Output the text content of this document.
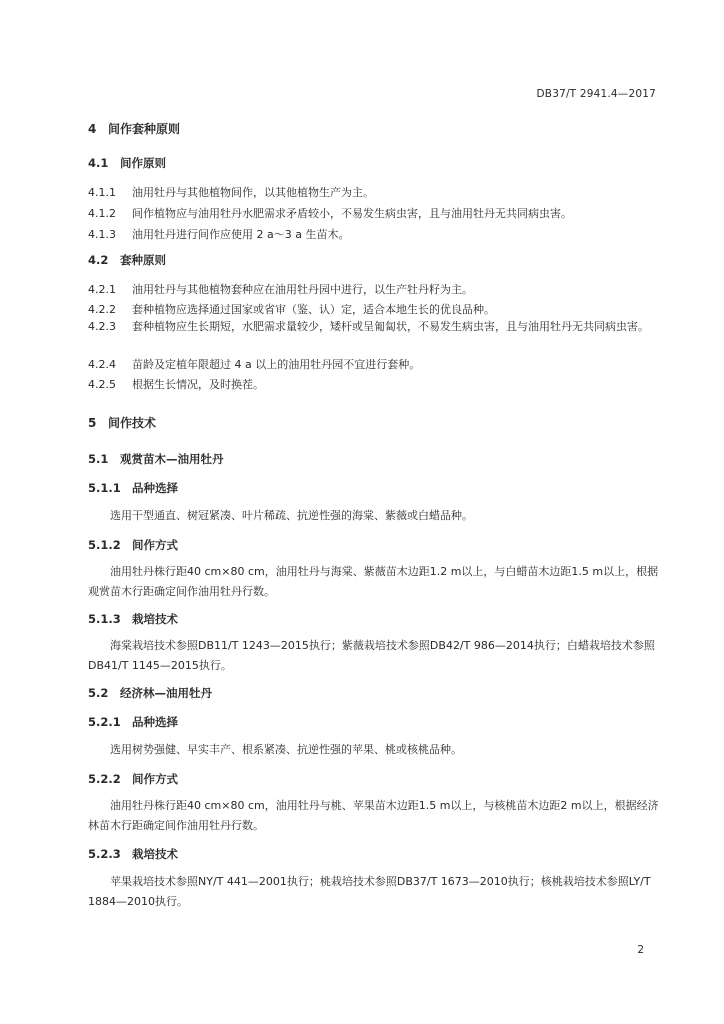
DB37/T 2941.4—2017
4 间作套种原则
4.1 间作原则
4.1.1 油用牡丹与其他植物间作，以其他植物生产为主。
4.1.2 间作植物应与油用牡丹水肥需求矛盾较小，不易发生病虫害，且与油用牡丹无共同病虫害。
4.1.3 油用牡丹进行间作应使用 2 a～3 a 生苗木。
4.2 套种原则
4.2.1 油用牡丹与其他植物套种应在油用牡丹园中进行，以生产牡丹籽为主。
4.2.2 套种植物应选择通过国家或省审（鉴、认）定，适合本地生长的优良品种。
4.2.3 套种植物应生长期短，水肥需求量较少，矮杆或呈匍匐状，不易发生病虫害，且与油用牡丹无共同病虫害。
4.2.4 苗龄及定植年限超过 4 a 以上的油用牡丹园不宜进行套种。
4.2.5 根据生长情况，及时换茬。
5 间作技术
5.1 观赏苗木—油用牡丹
5.1.1 品种选择
选用干型通直、树冠紧凑、叶片稀疏、抗逆性强的海棠、紫薇或白蜡品种。
5.1.2 间作方式
油用牡丹株行距40 cm×80 cm，油用牡丹与海棠、紫薇苗木边距1.2 m以上，与白蜡苗木边距1.5 m以上，根据观赏苗木行距确定间作油用牡丹行数。
5.1.3 栽培技术
海棠栽培技术参照DB11/T 1243—2015执行；紫薇栽培技术参照DB42/T 986—2014执行；白蜡栽培技术参照DB41/T 1145—2015执行。
5.2 经济林—油用牡丹
5.2.1 品种选择
选用树势强健、早实丰产、根系紧凑、抗逆性强的苹果、桃或核桃品种。
5.2.2 间作方式
油用牡丹株行距40 cm×80 cm，油用牡丹与桃、苹果苗木边距1.5 m以上，与核桃苗木边距2 m以上，根据经济林苗木行距确定间作油用牡丹行数。
5.2.3 栽培技术
苹果栽培技术参照NY/T 441—2001执行；桃栽培技术参照DB37/T 1673—2010执行；核桃栽培技术参照LY/T 1884—2010执行。
2
